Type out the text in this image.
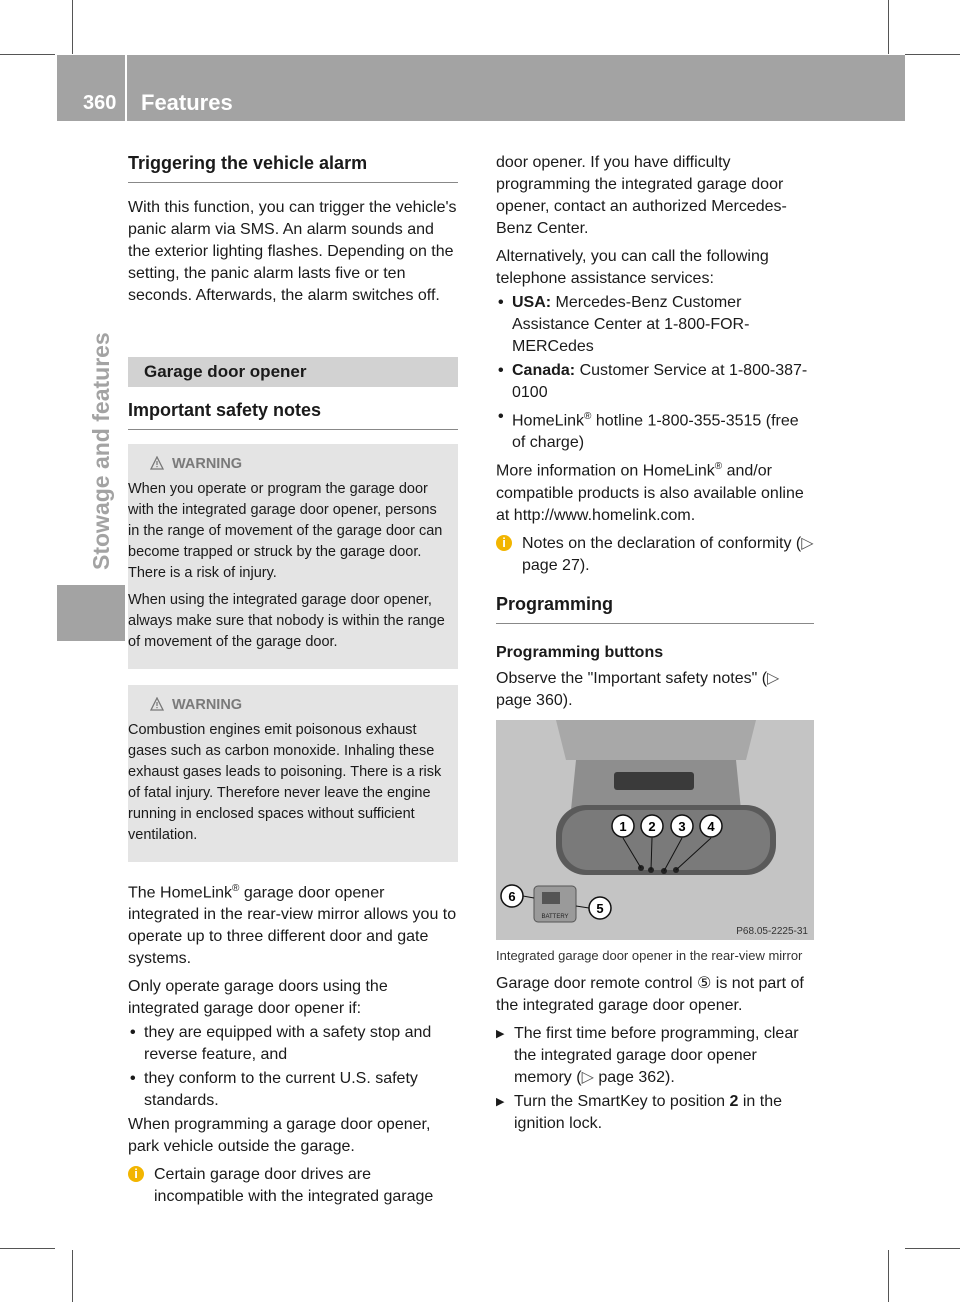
360 Features
Stowage and features
Triggering the vehicle alarm

With this function, you can trigger the vehicle's panic alarm via SMS. An alarm sounds and the exterior lighting flashes. Depending on the setting, the panic alarm lasts five or ten seconds. Afterwards, the alarm switches off.

Garage door opener
Important safety notes
WARNING

When you operate or program the garage door with the integrated garage door opener, persons in the range of movement of the garage door can become trapped or struck by the garage door. There is a risk of injury.

When using the integrated garage door opener, always make sure that nobody is within the range of movement of the garage door.

WARNING

Combustion engines emit poisonous exhaust gases such as carbon monoxide. Inhaling these exhaust gases leads to poisoning. There is a risk of fatal injury. Therefore never leave the engine running in enclosed spaces without sufficient ventilation.

The HomeLink® garage door opener integrated in the rear-view mirror allows you to operate up to three different door and gate systems.

Only operate garage doors using the integrated garage door opener if:

• they are equipped with a safety stop and reverse feature, and
• they conform to the current U.S. safety standards.

When programming a garage door opener, park vehicle outside the garage.

i	Certain garage door drives are incompatible with the integrated garage

door opener. If you have difficulty programming the integrated garage door opener, contact an authorized Mercedes-Benz Center.

Alternatively, you can call the following telephone assistance services:

• USA: Mercedes-Benz Customer Assistance Center at 1-800-FOR-MERCedes
• Canada: Customer Service at 1-800-387-0100
• HomeLink® hotline 1-800-355-3515 (free of charge)

More information on HomeLink® and/or compatible products is also available online at http://www.homelink.com.

i	Notes on the declaration of conformity (▷ page 27).
Programming
Programming buttons

Observe the "Important safety notes" (▷ page 360).

1 2 3 4
BATTERY
6
5
P68.05-2225-31
Integrated garage door opener in the rear-view mirror

Garage door remote control ⑤ is not part of the integrated garage door opener.

▶ The first time before programming, clear the integrated garage door opener memory (▷ page 362).
▶ Turn the SmartKey to position 2 in the ignition lock.
